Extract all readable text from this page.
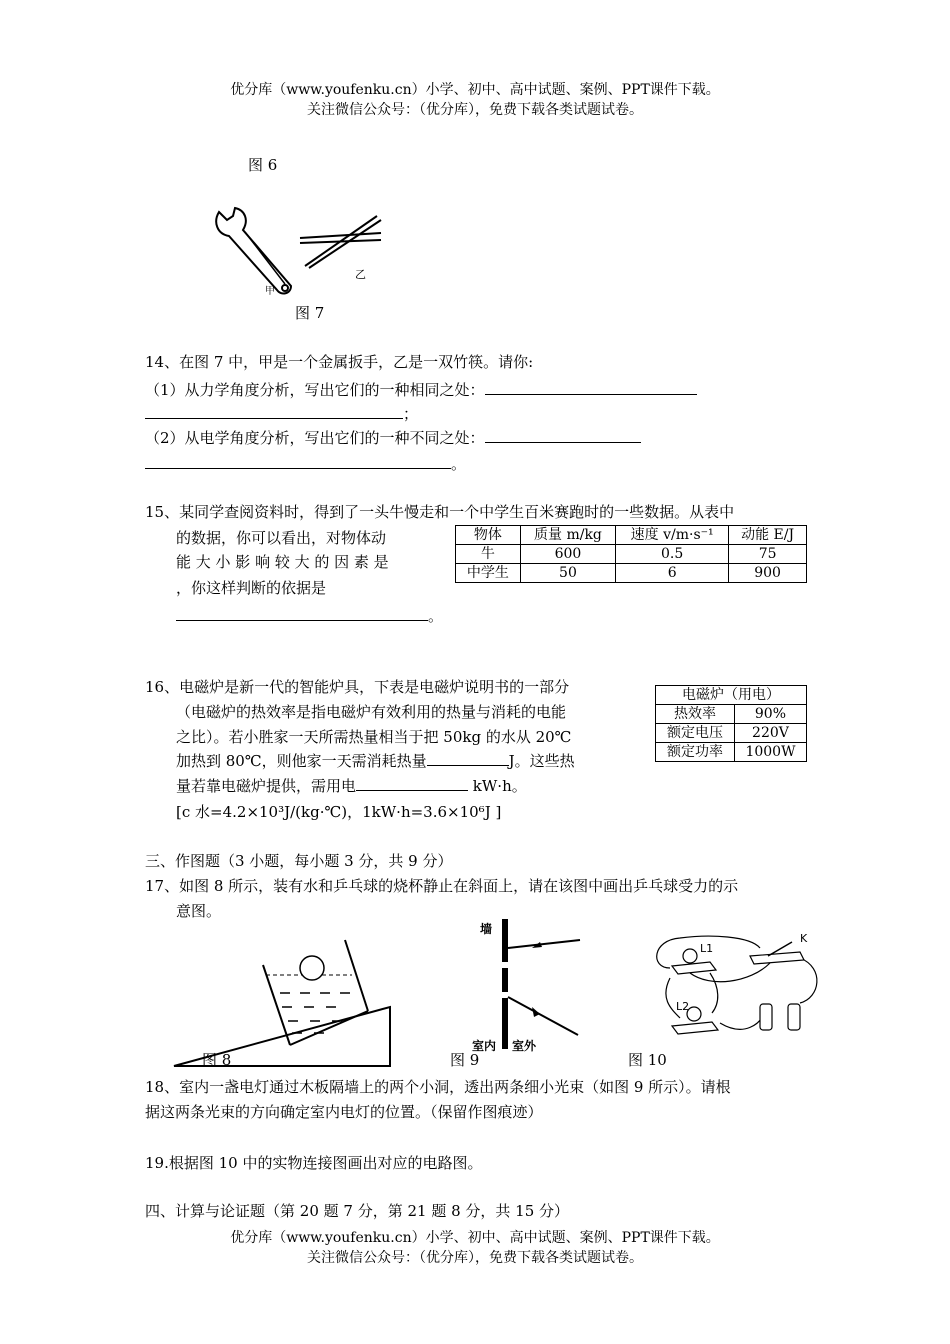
优分库（www.youfenku.cn）小学、初中、高中试题、案例、PPT课件下载。
关注微信公众号：（优分库），免费下载各类试题试卷。
图 6
甲
乙
图 7
14、在图 7 中，甲是一个金属扳手，乙是一双竹筷。请你:
（1）从力学角度分析，写出它们的一种相同之处：
；
（2）从电学角度分析，写出它们的一种不同之处：
。
15、某同学查阅资料时，得到了一头牛慢走和一个中学生百米赛跑时的一些数据。从表中
的数据，你可以看出，对物体动
能 大 小 影 响 较 大 的 因 素 是
，你这样判断的依据是
。
物体	质量 m/kg	速度 v/m·s⁻¹	动能 E/J
牛	600	0.5	75
中学生	50	6	900
16、电磁炉是新一代的智能炉具，下表是电磁炉说明书的一部分
（电磁炉的热效率是指电磁炉有效利用的热量与消耗的电能
之比）。若小胜家一天所需热量相当于把 50kg 的水从 20℃
加热到 80℃，则他家一天需消耗热量	J。这些热
量若靠电磁炉提供，需用电	kW·h。
[c 水=4.2×10³J/(kg·℃)，1kW·h=3.6×10⁶J ]
电磁炉（用电）	
热效率	90%
额定电压	220V
额定功率	1000W
三、作图题（3 小题，每小题 3 分，共 9 分）
17、如图 8 所示，装有水和乒乓球的烧杯静止在斜面上，请在该图中画出乒乓球受力的示
意图。
图 8
墙
室内 室外
图 9
L1
K
L2
图 10
18、室内一盏电灯通过木板隔墙上的两个小洞，透出两条细小光束（如图 9 所示）。请根
据这两条光束的方向确定室内电灯的位置。（保留作图痕迹）
19.根据图 10 中的实物连接图画出对应的电路图。
四、计算与论证题（第 20 题 7 分，第 21 题 8 分，共 15 分）
优分库（www.youfenku.cn）小学、初中、高中试题、案例、PPT课件下载。
关注微信公众号：（优分库），免费下载各类试题试卷。
